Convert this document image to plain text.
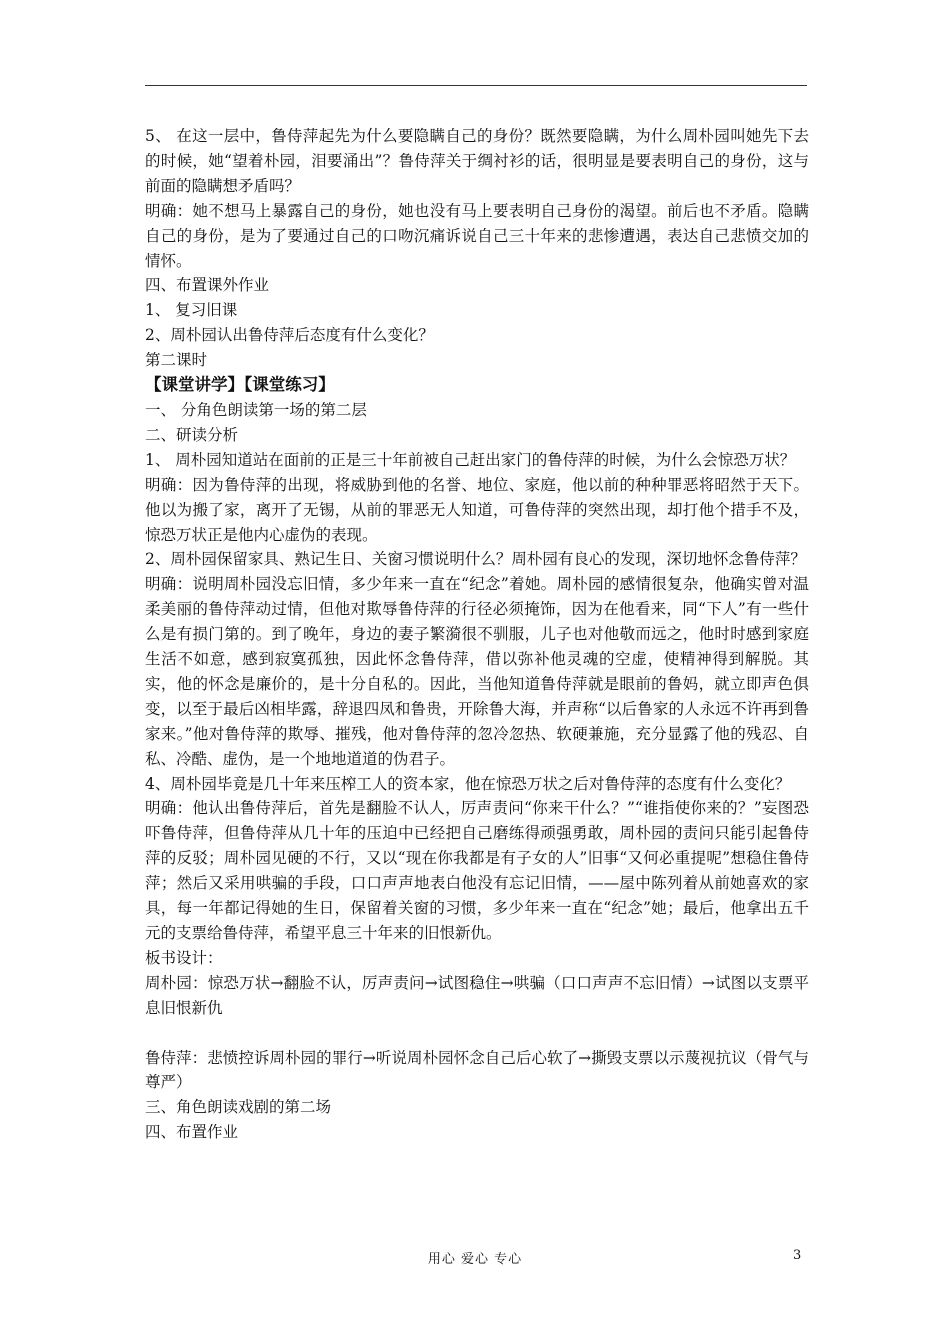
5、 在这一层中，鲁侍萍起先为什么要隐瞒自己的身份？既然要隐瞒，为什么周朴园叫她先下去的时候，她“望着朴园，泪要涌出”？鲁侍萍关于绸衬衫的话，很明显是要表明自己的身份，这与前面的隐瞒想矛盾吗？

明确：她不想马上暴露自己的身份，她也没有马上要表明自己身份的渴望。前后也不矛盾。隐瞒自己的身份，是为了要通过自己的口吻沉痛诉说自己三十年来的悲惨遭遇，表达自己悲愤交加的情怀。

四、布置课外作业

1、 复习旧课

2、周朴园认出鲁侍萍后态度有什么变化？

第二课时

【课堂讲学】【课堂练习】

一、 分角色朗读第一场的第二层

二、研读分析

1、 周朴园知道站在面前的正是三十年前被自己赶出家门的鲁侍萍的时候，为什么会惊恐万状？

明确：因为鲁侍萍的出现，将威胁到他的名誉、地位、家庭，他以前的种种罪恶将昭然于天下。他以为搬了家，离开了无锡，从前的罪恶无人知道，可鲁侍萍的突然出现，却打他个措手不及，惊恐万状正是他内心虚伪的表现。

2、周朴园保留家具、熟记生日、关窗习惯说明什么？周朴园有良心的发现，深切地怀念鲁侍萍？

明确：说明周朴园没忘旧情，多少年来一直在“纪念”着她。周朴园的感情很复杂，他确实曾对温柔美丽的鲁侍萍动过情，但他对欺辱鲁侍萍的行径必须掩饰，因为在他看来，同“下人”有一些什么是有损门第的。到了晚年，身边的妻子繁漪很不驯服，儿子也对他敬而远之，他时时感到家庭生活不如意，感到寂寞孤独，因此怀念鲁侍萍，借以弥补他灵魂的空虚，使精神得到解脱。其实，他的怀念是廉价的，是十分自私的。因此，当他知道鲁侍萍就是眼前的鲁妈，就立即声色俱变，以至于最后凶相毕露，辞退四凤和鲁贵，开除鲁大海，并声称“以后鲁家的人永远不许再到鲁家来。”他对鲁侍萍的欺辱、摧残，他对鲁侍萍的忽冷忽热、软硬兼施，充分显露了他的残忍、自私、冷酷、虚伪，是一个地地道道的伪君子。

4、周朴园毕竟是几十年来压榨工人的资本家，他在惊恐万状之后对鲁侍萍的态度有什么变化？

明确：他认出鲁侍萍后，首先是翻脸不认人，厉声责问“你来干什么？”“谁指使你来的？”妄图恐吓鲁侍萍，但鲁侍萍从几十年的压迫中已经把自己磨练得顽强勇敢，周朴园的责问只能引起鲁侍萍的反驳；周朴园见硬的不行，又以“现在你我都是有子女的人”旧事“又何必重提呢”想稳住鲁侍萍；然后又采用哄骗的手段，口口声声地表白他没有忘记旧情，——屋中陈列着从前她喜欢的家具，每一年都记得她的生日，保留着关窗的习惯，多少年来一直在“纪念”她；最后，他拿出五千元的支票给鲁侍萍，希望平息三十年来的旧恨新仇。

板书设计：

周朴园：惊恐万状→翻脸不认，厉声责问→试图稳住→哄骗（口口声声不忘旧情）→试图以支票平息旧恨新仇

鲁侍萍：悲愤控诉周朴园的罪行→听说周朴园怀念自己后心软了→撕毁支票以示蔑视抗议（骨气与尊严）

三、角色朗读戏剧的第二场

四、布置作业

用心 爱心 专心	3
